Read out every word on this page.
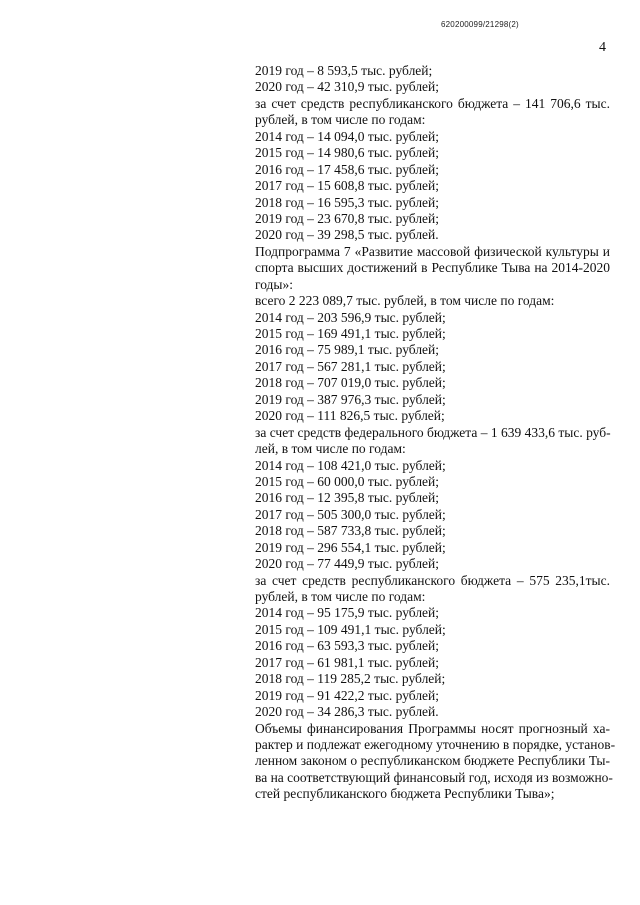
620200099/21298(2)
4
2019 год – 8 593,5 тыс. рублей;
2020 год – 42 310,9 тыс. рублей;
за счет средств республиканского бюджета – 141 706,6 тыс.
рублей, в том числе по годам:
2014 год – 14 094,0 тыс. рублей;
2015 год – 14 980,6 тыс. рублей;
2016 год – 17 458,6 тыс. рублей;
2017 год – 15 608,8 тыс. рублей;
2018 год – 16 595,3 тыс. рублей;
2019 год – 23 670,8 тыс. рублей;
2020 год – 39 298,5 тыс. рублей.
Подпрограмма 7 «Развитие массовой физической культуры и
спорта высших достижений в Республике Тыва на 2014-2020
годы»:
всего 2 223 089,7 тыс. рублей, в том числе по годам:
2014 год – 203 596,9 тыс. рублей;
2015 год – 169 491,1 тыс. рублей;
2016 год – 75 989,1 тыс. рублей;
2017 год – 567 281,1 тыс. рублей;
2018 год – 707 019,0 тыс. рублей;
2019 год – 387 976,3 тыс. рублей;
2020 год – 111 826,5 тыс. рублей;
за счет средств федерального бюджета – 1 639 433,6 тыс. руб-
лей, в том числе по годам:
2014 год – 108 421,0 тыс. рублей;
2015 год – 60 000,0 тыс. рублей;
2016 год – 12 395,8 тыс. рублей;
2017 год – 505 300,0 тыс. рублей;
2018 год – 587 733,8 тыс. рублей;
2019 год – 296 554,1 тыс. рублей;
2020 год – 77 449,9 тыс. рублей;
за счет средств республиканского бюджета – 575 235,1тыс.
рублей, в том числе по годам:
2014 год – 95 175,9 тыс. рублей;
2015 год – 109 491,1 тыс. рублей;
2016 год – 63 593,3 тыс. рублей;
2017 год – 61 981,1 тыс. рублей;
2018 год – 119 285,2 тыс. рублей;
2019 год – 91 422,2 тыс. рублей;
2020 год – 34 286,3 тыс. рублей.
Объемы финансирования Программы носят прогнозный ха-
рактер и подлежат ежегодному уточнению в порядке, установ-
ленном законом о республиканском бюджете Республики Ты-
ва на соответствующий финансовый год, исходя из возможно-
стей республиканского бюджета Республики Тыва»;
